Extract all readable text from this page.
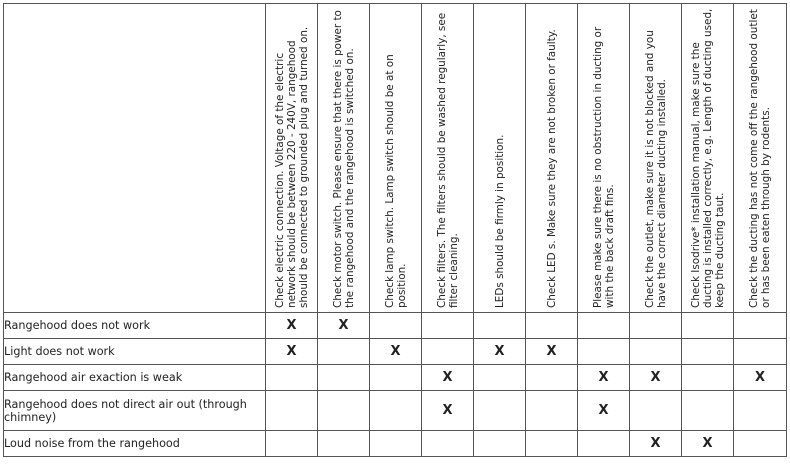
	Check electric connection. Voltage of the electric network should be between 220 - 240V, rangehood should be connected to grounded plug and turned on.	Check motor switch. Please ensure that there is power to the rangehood and the rangehood is switched on.	Check lamp switch. Lamp switch should be at on position.	Check filters. The filters should be washed regularly, see filter cleaning.	LEDs should be firmly in position.	Check LED s. Make sure they are not broken or faulty.	Please make sure there is no obstruction in ducting or with the back draft fins.	Check the outlet, make sure it is not blocked and you have the correct diameter ducting installed.	Check Isodrive* installation manual, make sure the ducting is installed correctly, e.g. Length of ducting used, keep the ducting taut.	Check the ducting has not come off the rangehood outlet or has been eaten through by rodents.

Rangehood does not work	X	X								
Light does not work	X		X		X	X				
Rangehood air exaction is weak				X			X	X		X
Rangehood does not direct air out (through chimney)				X			X			
Loud noise from the rangehood								X	X	
